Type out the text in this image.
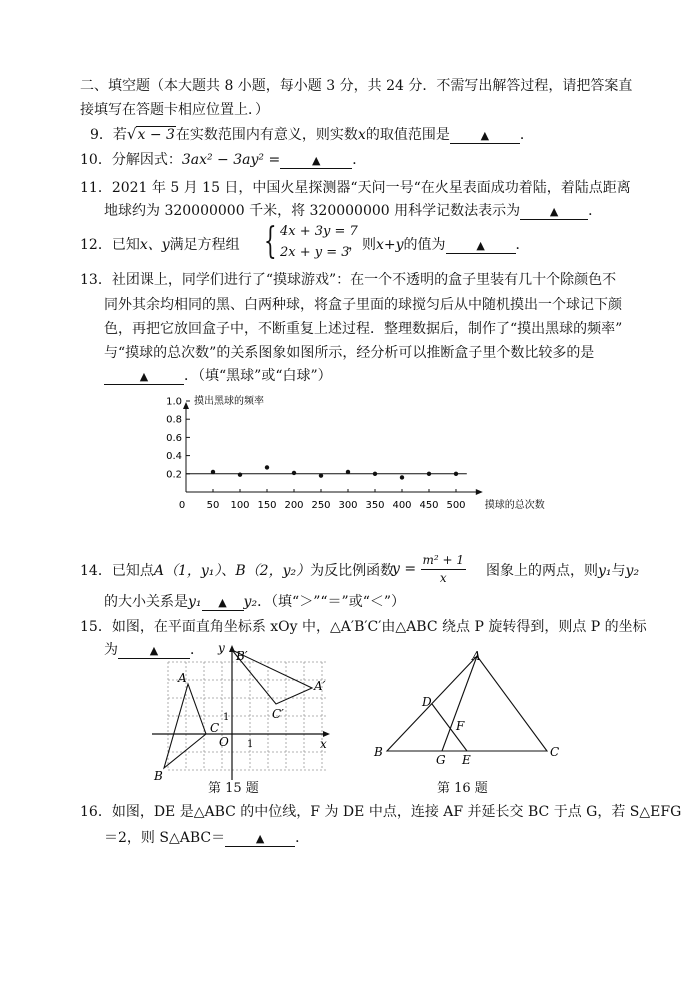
二、填空题（本大题共 8 小题，每小题 3 分，共 24 分．不需写出解答过程，请把答案直
接填写在答题卡相应位置上．）
9．若√x − 3在实数范围内有意义，则实数x的取值范围是	▲ ．
10．分解因式：3ax² − 3ay² =	▲ ．
11．2021 年 5 月 15 日，中国火星探测器“天问一号“在火星表面成功着陆，着陆点距离
地球约为 320000000 千米，将 320000000 用科学记数法表示为	▲ ．
12．已知x、y满足方程组 { 4x + 3y = 7
2x + y = 3
，则x+y的值为	▲ ．
13．社团课上，同学们进行了“摸球游戏”：在一个不透明的盒子里装有几十个除颜色不
同外其余均相同的黑、白两种球，将盒子里面的球搅匀后从中随机摸出一个球记下颜
色，再把它放回盒子中，不断重复上述过程．整理数据后，制作了“摸出黑球的频率”
与“摸球的总次数”的关系图象如图所示，经分析可以推断盒子里个数比较多的是
▲	．（填“黑球”或“白球”）
0.2
0.4
0.6
0.8
1.0
0 50 100 150 200 250 300 350 400 450 500
摸出黑球的频率
摸球的总次数
14．已知点A（1，y₁）、B（2，y₂）为反比例函数
$y = \frac{\text{m² + 1}}{x}$ 图象上的两点，则y₁与y₂
的大小关系是y₁ ▲ y₂．（填“＞”“＝”或“＜”）
15．如图，在平面直角坐标系 xOy 中，△A′B′C′由△ABC 绕点 P 旋转得到，则点 P 的坐标
为	▲ ．
A
B
C
B′
A′
C′
O	x
y
1
1
第 15 题
A
B	C
D
E
F
G
第 16 题
16．如图，DE 是△ABC 的中位线，F 为 DE 中点，连接 AF 并延长交 BC 于点 G，若 S△EFG
＝2，则 S△ABC＝	▲ ．
